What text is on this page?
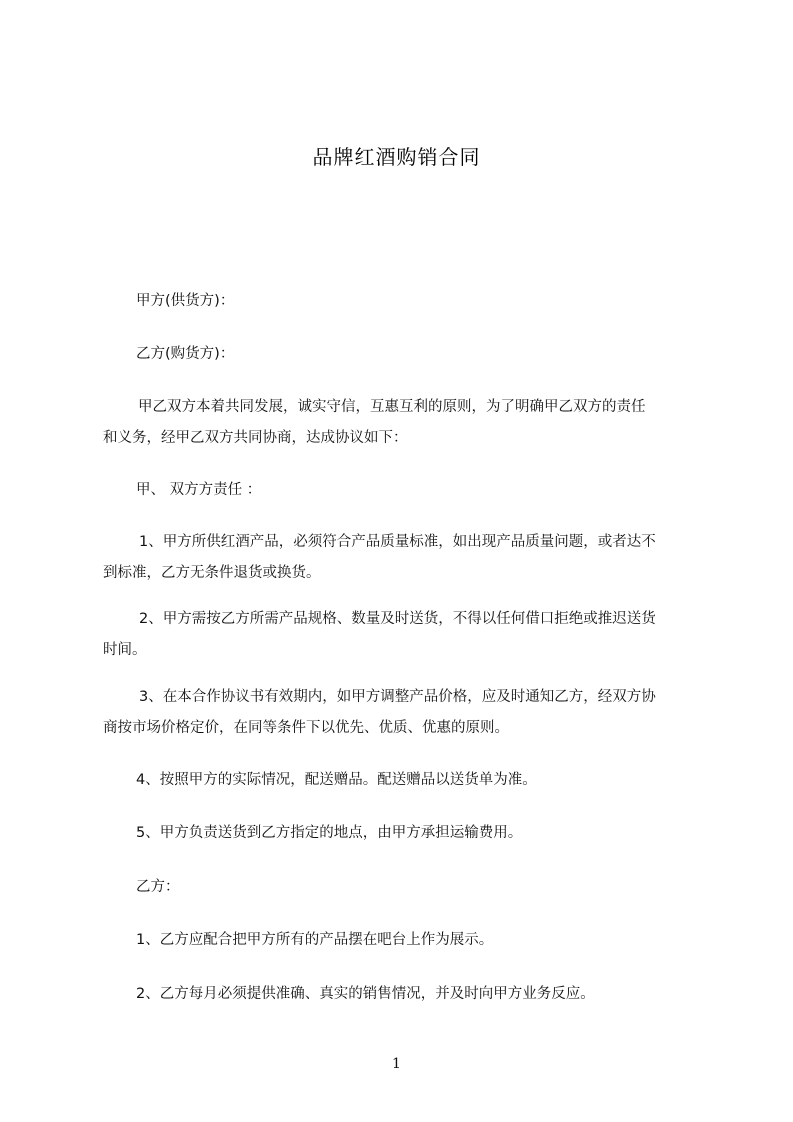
品牌红酒购销合同
甲方(供货方)：
乙方(购货方)：
甲乙双方本着共同发展，诚实守信，互惠互利的原则，为了明确甲乙双方的责任
和义务，经甲乙双方共同协商，达成协议如下：
甲、 双方方责任 ：
1、甲方所供红酒产品，必须符合产品质量标准，如出现产品质量问题，或者达不
到标准，乙方无条件退货或换货。
2、甲方需按乙方所需产品规格、数量及时送货，不得以任何借口拒绝或推迟送货
时间。
3、在本合作协议书有效期内，如甲方调整产品价格，应及时通知乙方，经双方协
商按市场价格定价，在同等条件下以优先、优质、优惠的原则。
4、按照甲方的实际情况，配送赠品。配送赠品以送货单为准。
5、甲方负责送货到乙方指定的地点，由甲方承担运输费用。
乙方：
1、乙方应配合把甲方所有的产品摆在吧台上作为展示。
2、乙方每月必须提供准确、真实的销售情况，并及时向甲方业务反应。
1
